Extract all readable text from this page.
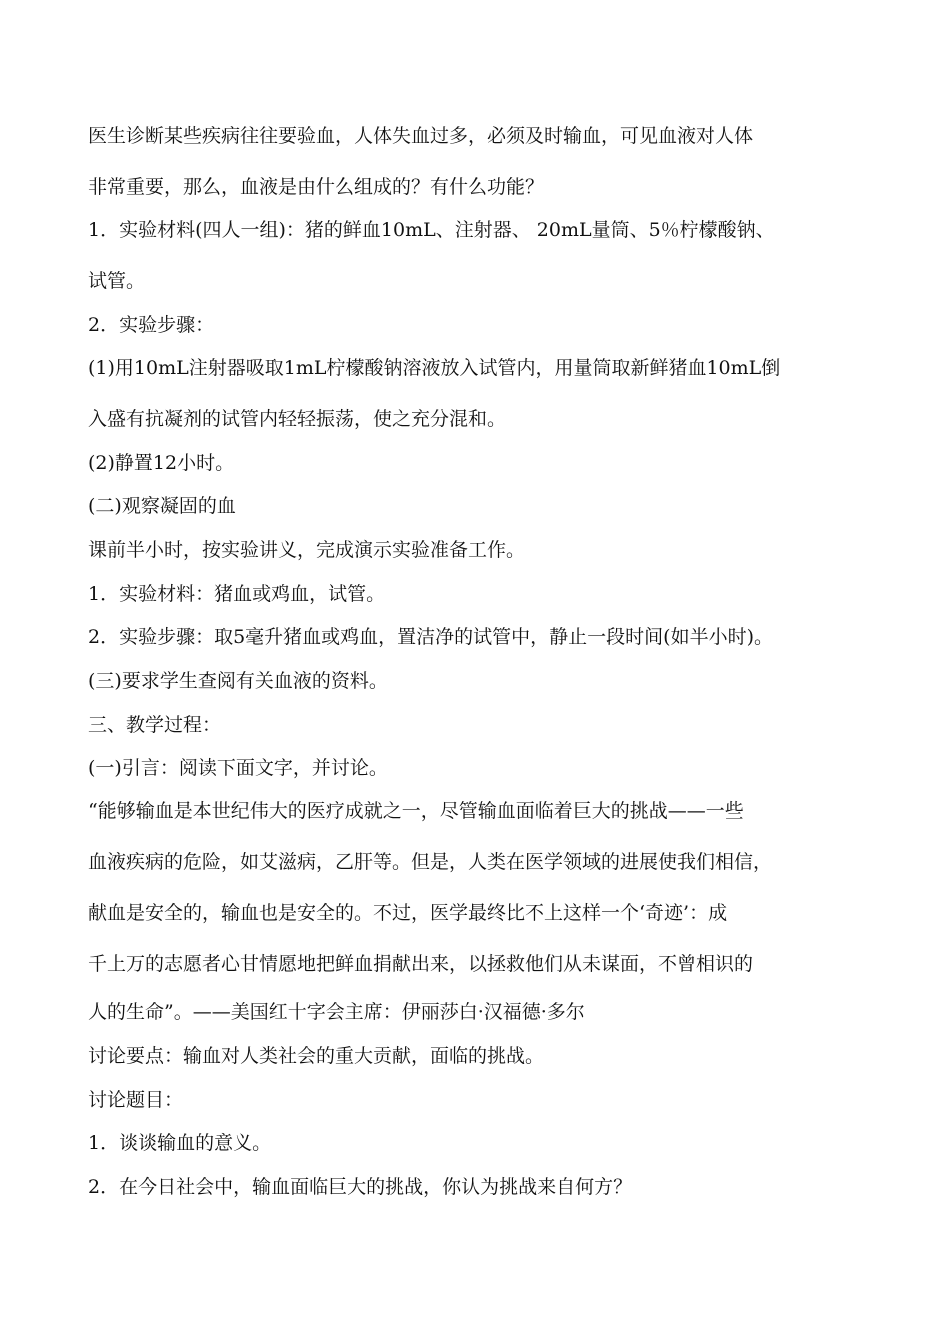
医生诊断某些疾病往往要验血，人体失血过多，必须及时输血，可见血液对人体
非常重要，那么，血液是由什么组成的？有什么功能？
1．实验材料(四人一组)：猪的鲜血10mL、注射器、 20mL量筒、5％柠檬酸钠、
试管。
2．实验步骤：
(1)用10mL注射器吸取1mL柠檬酸钠溶液放入试管内，用量筒取新鲜猪血10mL倒
入盛有抗凝剂的试管内轻轻振荡，使之充分混和。
(2)静置12小时。
(二)观察凝固的血
课前半小时，按实验讲义，完成演示实验准备工作。
1．实验材料：猪血或鸡血，试管。
2．实验步骤：取5毫升猪血或鸡血，置洁净的试管中，静止一段时间(如半小时)。
(三)要求学生查阅有关血液的资料。
三、教学过程：
(一)引言：阅读下面文字，并讨论。
“能够输血是本世纪伟大的医疗成就之一，尽管输血面临着巨大的挑战——一些
血液疾病的危险，如艾滋病，乙肝等。但是，人类在医学领域的进展使我们相信，
献血是安全的，输血也是安全的。不过，医学最终比不上这样一个‘奇迹’：成
千上万的志愿者心甘情愿地把鲜血捐献出来，以拯救他们从未谋面，不曾相识的
人的生命”。——美国红十字会主席：伊丽莎白·汉福德·多尔
讨论要点：输血对人类社会的重大贡献，面临的挑战。
讨论题目：
1．谈谈输血的意义。
2．在今日社会中，输血面临巨大的挑战，你认为挑战来自何方？
